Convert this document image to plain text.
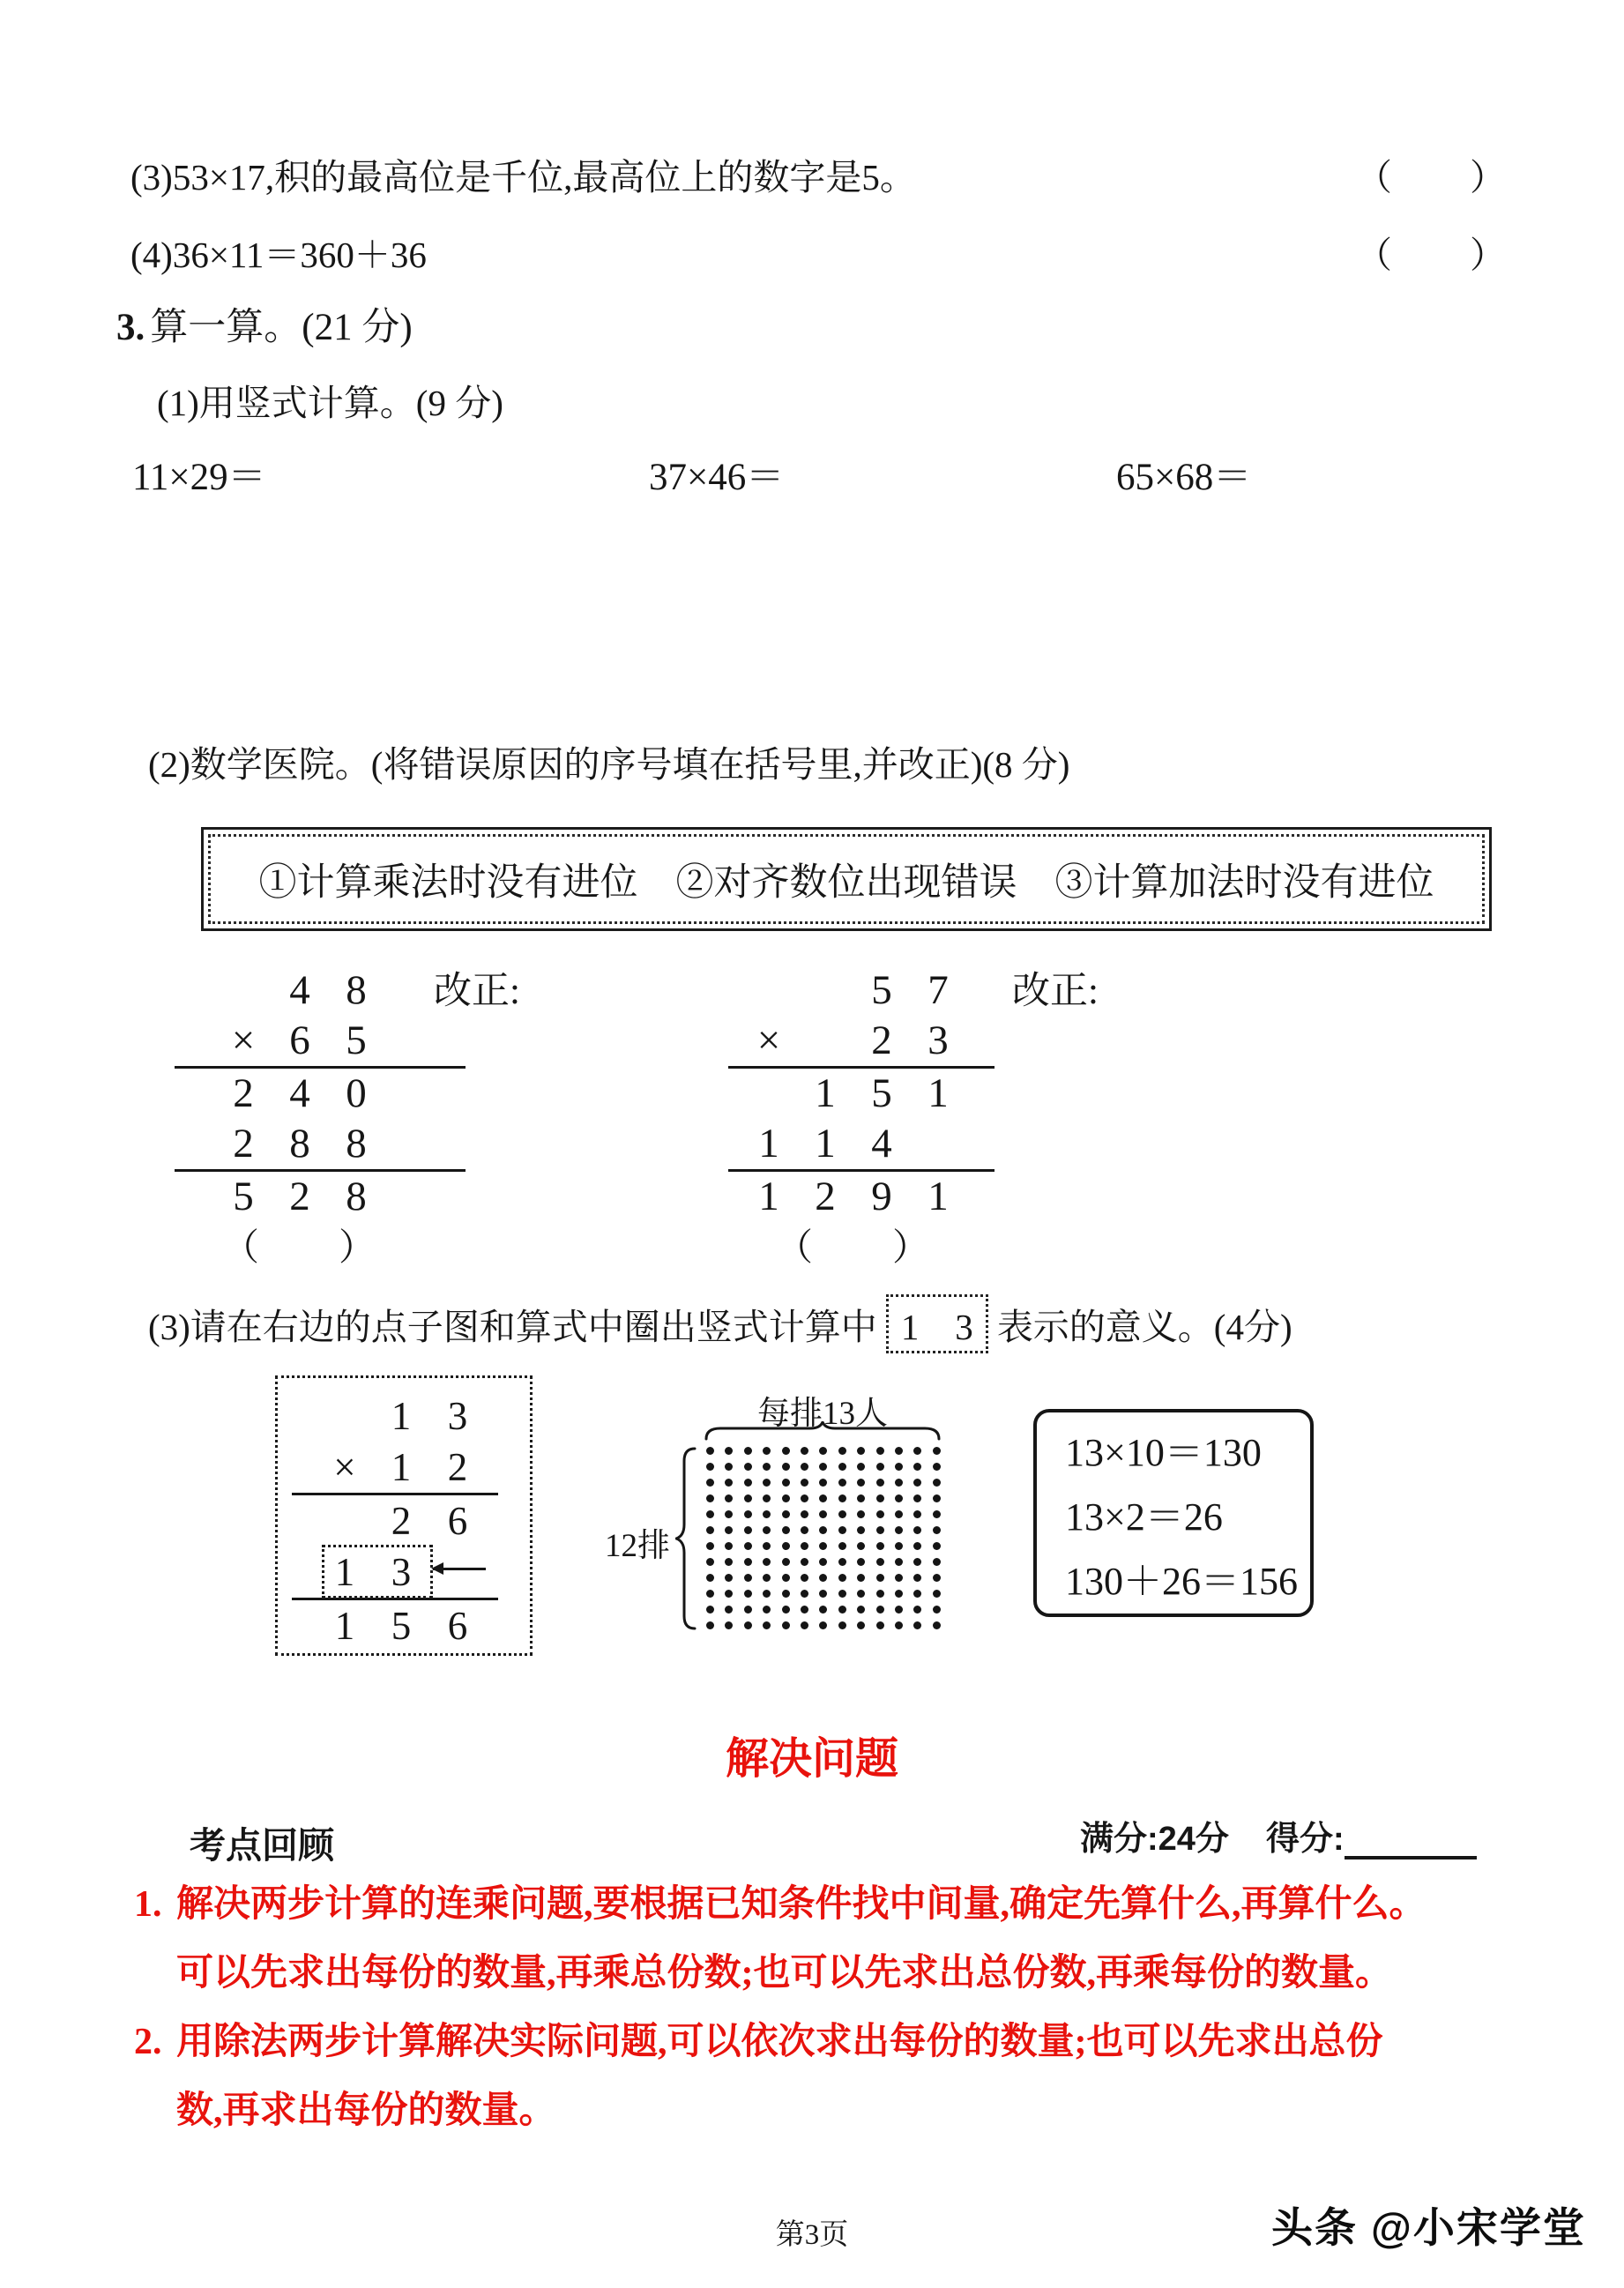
(3)53×17,积的最高位是千位,最高位上的数字是5。	（　　）
(4)36×11＝360＋36	（　　）
3. 算一算。(21 分)
(1)用竖式计算。(9 分)
11×29＝	37×46＝	65×68＝
(2)数学医院。(将错误原因的序号填在括号里,并改正)(8 分)
①计算乘法时没有进位　②对齐数位出现错误　③计算加法时没有进位
4 8
× 6 5
2 4 0
2 8 8
5 2 8
改正:
（　　）
5 7
×	2 3
1 5 1
1 1 4
1 2 9 1
改正:
（　　）
(3)请在右边的点子图和算式中圈出竖式计算中 1　3 表示的意义。(4分)
1 3
× 1 2
2 6
1 3
1 5 6
每排13人
12排
13×10＝130
13×2＝26
130＋26＝156
解决问题
考点回顾	满分:24分 得分:
1. 解决两步计算的连乘问题,要根据已知条件找中间量,确定先算什么,再算什么。
可以先求出每份的数量,再乘总份数;也可以先求出总份数,再乘每份的数量。
2. 用除法两步计算解决实际问题,可以依次求出每份的数量;也可以先求出总份
数,再求出每份的数量。
第3页	头条 @小宋学堂
